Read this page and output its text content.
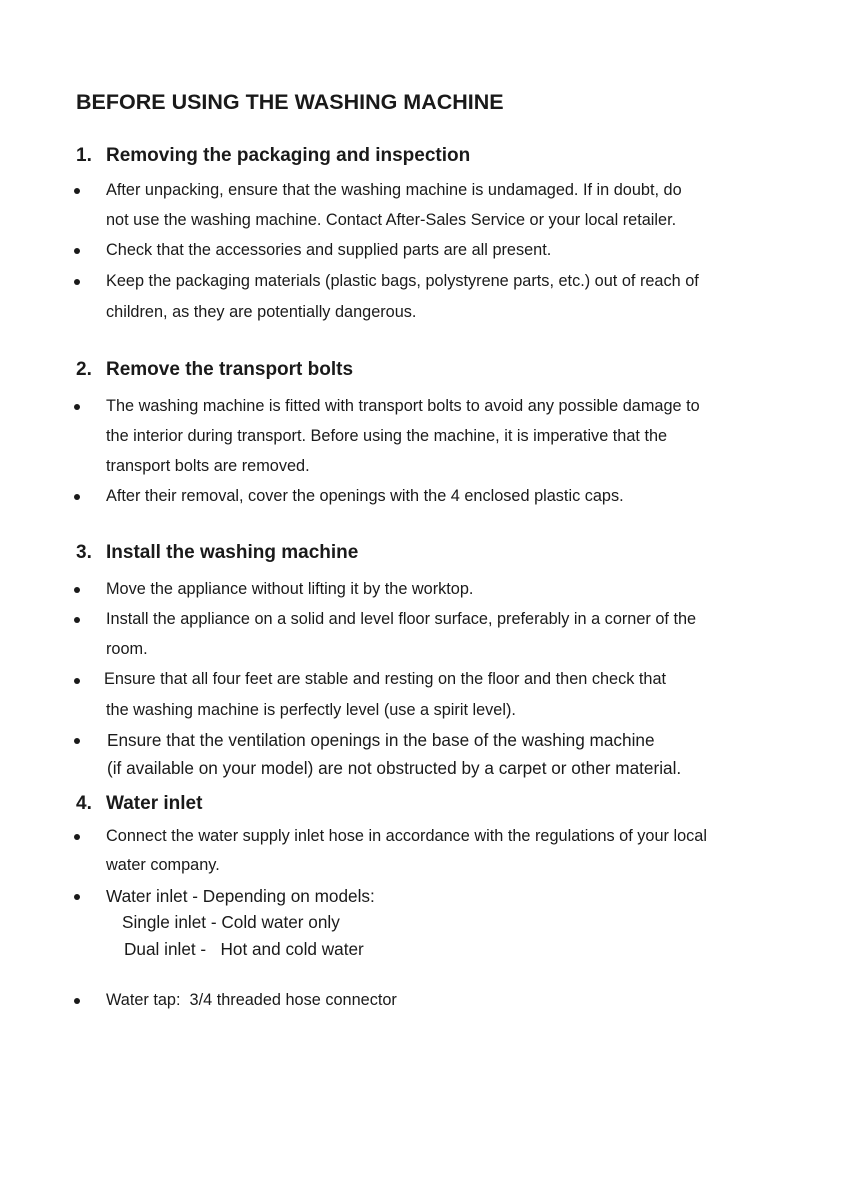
BEFORE USING THE WASHING MACHINE
1. Removing the packaging and inspection
After unpacking, ensure that the washing machine is undamaged. If in doubt, do
not use the washing machine. Contact After-Sales Service or your local retailer.
Check that the accessories and supplied parts are all present.
Keep the packaging materials (plastic bags, polystyrene parts, etc.) out of reach of
children, as they are potentially dangerous.
2. Remove the transport bolts
The washing machine is fitted with transport bolts to avoid any possible damage to
the interior during transport. Before using the machine, it is imperative that the
transport bolts are removed.
After their removal, cover the openings with the 4 enclosed plastic caps.
3. Install the washing machine
Move the appliance without lifting it by the worktop.
Install the appliance on a solid and level floor surface, preferably in a corner of the
room.
Ensure that all four feet are stable and resting on the floor and then check that
the washing machine is perfectly level (use a spirit level).
Ensure that the ventilation openings in the base of the washing machine
(if available on your model) are not obstructed by a carpet or other material.
4. Water inlet
Connect the water supply inlet hose in accordance with the regulations of your local
water company.
Water inlet - Depending on models:
Single inlet - Cold water only
Dual inlet -   Hot and cold water
Water tap:  3/4 threaded hose connector
